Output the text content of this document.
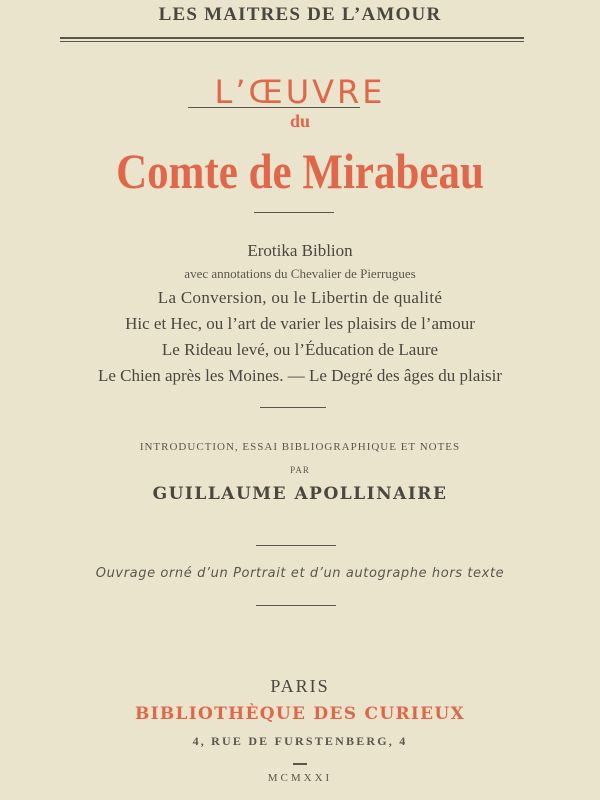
LES MAITRES DE L’AMOUR
L’ŒUVRE
du
Comte de Mirabeau
Erotika Biblion
avec annotations du Chevalier de Pierrugues
La Conversion, ou le Libertin de qualité
Hic et Hec, ou l’art de varier les plaisirs de l’amour
Le Rideau levé, ou l’Éducation de Laure
Le Chien après les Moines. — Le Degré des âges du plaisir
INTRODUCTION, ESSAI BIBLIOGRAPHIQUE ET NOTES
PAR
GUILLAUME APOLLINAIRE
Ouvrage orné d’un Portrait et d’un autographe hors texte
PARIS
BIBLIOTHÈQUE DES CURIEUX
4, RUE DE FURSTENBERG, 4
MCMXXI
